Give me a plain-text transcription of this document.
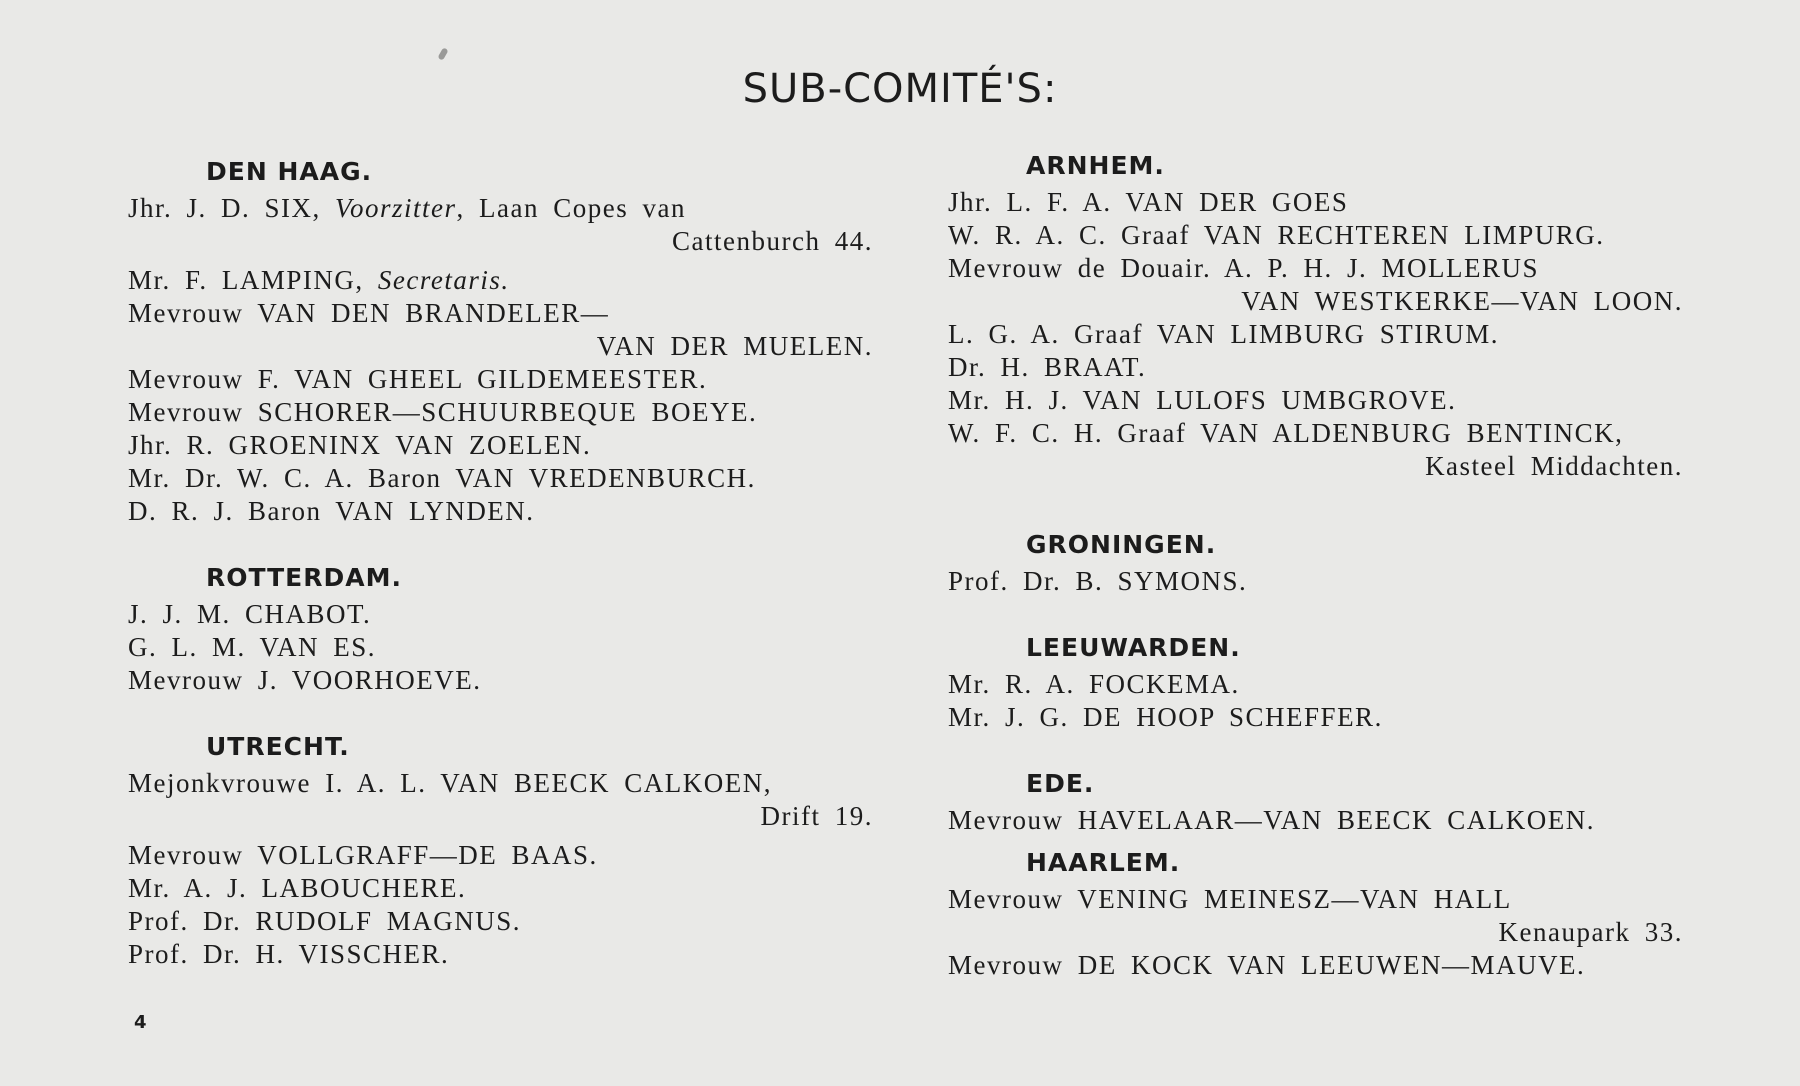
SUB-COMITÉ'S:
DEN HAAG.
Jhr. J. D. SIX, Voorzitter, Laan Copes van
Cattenburch 44.
Mr. F. LAMPING, Secretaris.
Mevrouw VAN DEN BRANDELER—
VAN DER MUELEN.
Mevrouw F. VAN GHEEL GILDEMEESTER.
Mevrouw SCHORER—SCHUURBEQUE BOEYE.
Jhr. R. GROENINX VAN ZOELEN.
Mr. Dr. W. C. A. Baron VAN VREDENBURCH.
D. R. J. Baron VAN LYNDEN.
ROTTERDAM.
J. J. M. CHABOT.
G. L. M. VAN ES.
Mevrouw J. VOORHOEVE.
UTRECHT.
Mejonkvrouwe I. A. L. VAN BEECK CALKOEN,
Drift 19.
Mevrouw VOLLGRAFF—DE BAAS.
Mr. A. J. LABOUCHERE.
Prof. Dr. RUDOLF MAGNUS.
Prof. Dr. H. VISSCHER.
ARNHEM.
Jhr. L. F. A. VAN DER GOES
W. R. A. C. Graaf VAN RECHTEREN LIMPURG.
Mevrouw de Douair. A. P. H. J. MOLLERUS
VAN WESTKERKE—VAN LOON.
L. G. A. Graaf VAN LIMBURG STIRUM.
Dr. H. BRAAT.
Mr. H. J. VAN LULOFS UMBGROVE.
W. F. C. H. Graaf VAN ALDENBURG BENTINCK,
Kasteel Middachten.
GRONINGEN.
Prof. Dr. B. SYMONS.
LEEUWARDEN.
Mr. R. A. FOCKEMA.
Mr. J. G. DE HOOP SCHEFFER.
EDE.
Mevrouw HAVELAAR—VAN BEECK CALKOEN.
HAARLEM.
Mevrouw VENING MEINESZ—VAN HALL
Kenaupark 33.
Mevrouw DE KOCK VAN LEEUWEN—MAUVE.
4
